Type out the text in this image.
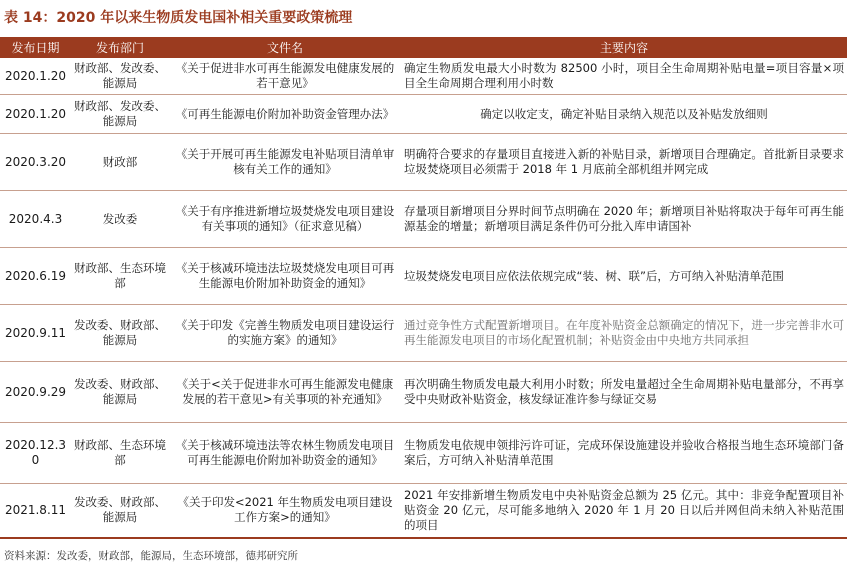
表 14：2020 年以来生物质发电国补相关重要政策梳理
发布日期	发布部门	文件名	主要内容
2020.1.20	财政部、发改委、能源局	《关于促进非水可再生能源发电健康发展的若干意见》	确定生物质发电最大小时数为 82500 小时，项目全生命周期补贴电量=项目容量×项目全生命周期合理利用小时数
2020.1.20	财政部、发改委、能源局	《可再生能源电价附加补助资金管理办法》	确定以收定支，确定补贴目录纳入规范以及补贴发放细则
2020.3.20	财政部	《关于开展可再生能源发电补贴项目清单审核有关工作的通知》	明确符合要求的存量项目直接进入新的补贴目录，新增项目合理确定。首批新目录要求垃圾焚烧项目必须需于 2018 年 1 月底前全部机组并网完成
2020.4.3	发改委	《关于有序推进新增垃圾焚烧发电项目建设有关事项的通知》（征求意见稿）	存量项目新增项目分界时间节点明确在 2020 年；新增项目补贴将取决于每年可再生能源基金的增量；新增项目满足条件仍可分批入库申请国补
2020.6.19	财政部、生态环境部	《关于核减环境违法垃圾焚烧发电项目可再生能源电价附加补助资金的通知》	垃圾焚烧发电项目应依法依规完成“装、树、联”后，方可纳入补贴清单范围
2020.9.11	发改委、财政部、能源局	《关于印发《完善生物质发电项目建设运行的实施方案》的通知》	通过竞争性方式配置新增项目。在年度补贴资金总额确定的情况下，进一步完善非水可再生能源发电项目的市场化配置机制；补贴资金由中央地方共同承担
2020.9.29	发改委、财政部、能源局	《关于<关于促进非水可再生能源发电健康发展的若干意见>有关事项的补充通知》	再次明确生物质发电最大利用小时数；所发电量超过全生命周期补贴电量部分，不再享受中央财政补贴资金，核发绿证准许参与绿证交易
2020.12.30	财政部、生态环境部	《关于核减环境违法等农林生物质发电项目可再生能源电价附加补助资金的通知》	生物质发电依规申领排污许可证，完成环保设施建设并验收合格报当地生态环境部门备案后，方可纳入补贴清单范围
2021.8.11	发改委、财政部、能源局	《关于印发<2021 年生物质发电项目建设工作方案>的通知》	2021 年安排新增生物质发电中央补贴资金总额为 25 亿元。其中：非竞争配置项目补贴资金 20 亿元，尽可能多地纳入 2020 年 1 月 20 日以后并网但尚未纳入补贴范围的项目
资料来源：发改委，财政部，能源局，生态环境部，德邦研究所
